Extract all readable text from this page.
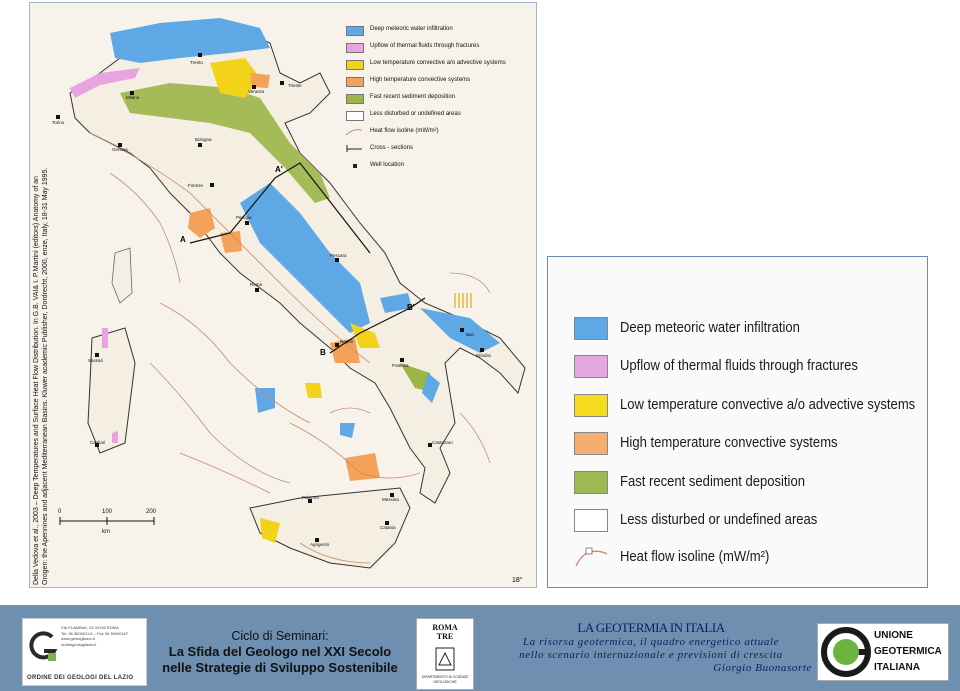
Della Vedova et al., 2003 – Deep Temperatures and Surface Heat Flow Distribution. In G.B. VAI& I. P.Martini (editors) Anatomy of an Orogen: the Apennines and adjacent Mediterranean Basins. Kluwer academic Publisher, Dordrecht, 2000, enze, Italy, 18-31 May 1995.
Deep meteoric water infiltration
Upflow of thermal fluids through fractures
Low temperature convective a/o advective systems
High temperature convective systems
Fast recent sediment deposition
Less disturbed or undefined areas
Heat flow isoline (mW/m²)
Cross - sections
Well location
0	100	200
km
18°
A'
A
B'
B
Trento
Trieste
Venezia
Milano
Torino
Genova
Bologna
Firenze
Perugia
Roma
Pescara
Napoli
Bari
Brindisi
Potenza
Sassari
Cagliari	Catanzaro
Messina
Palermo
Catania
Agrigento
Deep meteoric water infiltration
Upflow of thermal fluids through fractures
Low temperature convective a/o advective systems
High temperature convective systems
Fast recent sediment deposition
Less disturbed or undefined areas
Heat flow isoline (mW/m²)
VIA FLAMINIA, 43 00196 ROMA
Tel. 06 3600011.6 – Fax 06 36000167
www.geologilazio.it
ordinegeologilazio.it
ORDINE DEI GEOLOGI DEL LAZIO
Ciclo di Seminari:
La Sfida del Geologo nel XXI Secolo
nelle Strategie di Sviluppo Sostenibile
ROMA
TRE
DIPARTIMENTO DI SCIENZE GEOLOGICHE
LA GEOTERMIA IN ITALIA
La risorsa geotermica, il quadro energetico attuale
nello scenario internazionale e previsioni di crescita
Giorgio Buonasorte
UNIONE
GEOTERMICA
ITALIANA
